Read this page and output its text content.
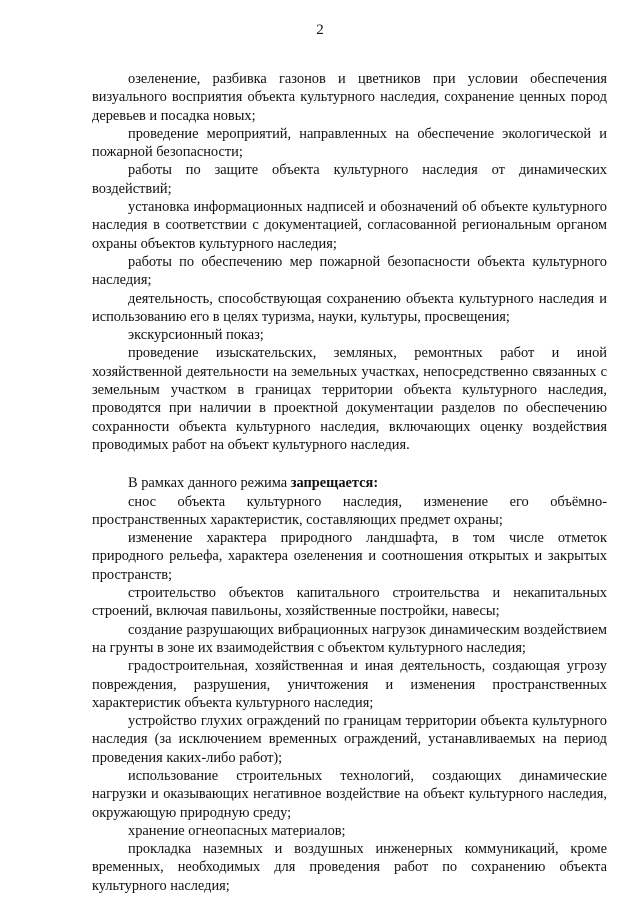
2

озеленение, разбивка газонов и цветников при условии обеспечения визуального восприятия объекта культурного наследия, сохранение ценных пород деревьев и посадка новых;

проведение мероприятий, направленных на обеспечение экологической и пожарной безопасности;

работы по защите объекта культурного наследия от динамических воздействий;

установка информационных надписей и обозначений об объекте культурного наследия в соответствии с документацией, согласованной региональным органом охраны объектов культурного наследия;

работы по обеспечению мер пожарной безопасности объекта культурного наследия;

деятельность, способствующая сохранению объекта культурного наследия и использованию его в целях туризма, науки, культуры, просвещения;

экскурсионный показ;

проведение изыскательских, земляных, ремонтных работ и иной хозяйственной деятельности на земельных участках, непосредственно связанных с земельным участком в границах территории объекта культурного наследия, проводятся при наличии в проектной документации разделов по обеспечению сохранности объекта культурного наследия, включающих оценку воздействия проводимых работ на объект культурного наследия.

В рамках данного режима запрещается:

снос объекта культурного наследия, изменение его объёмно-пространственных характеристик, составляющих предмет охраны;

изменение характера природного ландшафта, в том числе отметок природного рельефа, характера озеленения и соотношения открытых и закрытых пространств;

строительство объектов капитального строительства и некапитальных строений, включая павильоны, хозяйственные постройки, навесы;

создание разрушающих вибрационных нагрузок динамическим воздействием на грунты в зоне их взаимодействия с объектом культурного наследия;

градостроительная, хозяйственная и иная деятельность, создающая угрозу повреждения, разрушения, уничтожения и изменения пространственных характеристик объекта культурного наследия;

устройство глухих ограждений по границам территории объекта культурного наследия (за исключением временных ограждений, устанавливаемых на период проведения каких-либо работ);

использование строительных технологий, создающих динамические нагрузки и оказывающих негативное воздействие на объект культурного наследия, окружающую природную среду;

хранение огнеопасных материалов;

прокладка наземных и воздушных инженерных коммуникаций, кроме временных, необходимых для проведения работ по сохранению объекта культурного наследия;
